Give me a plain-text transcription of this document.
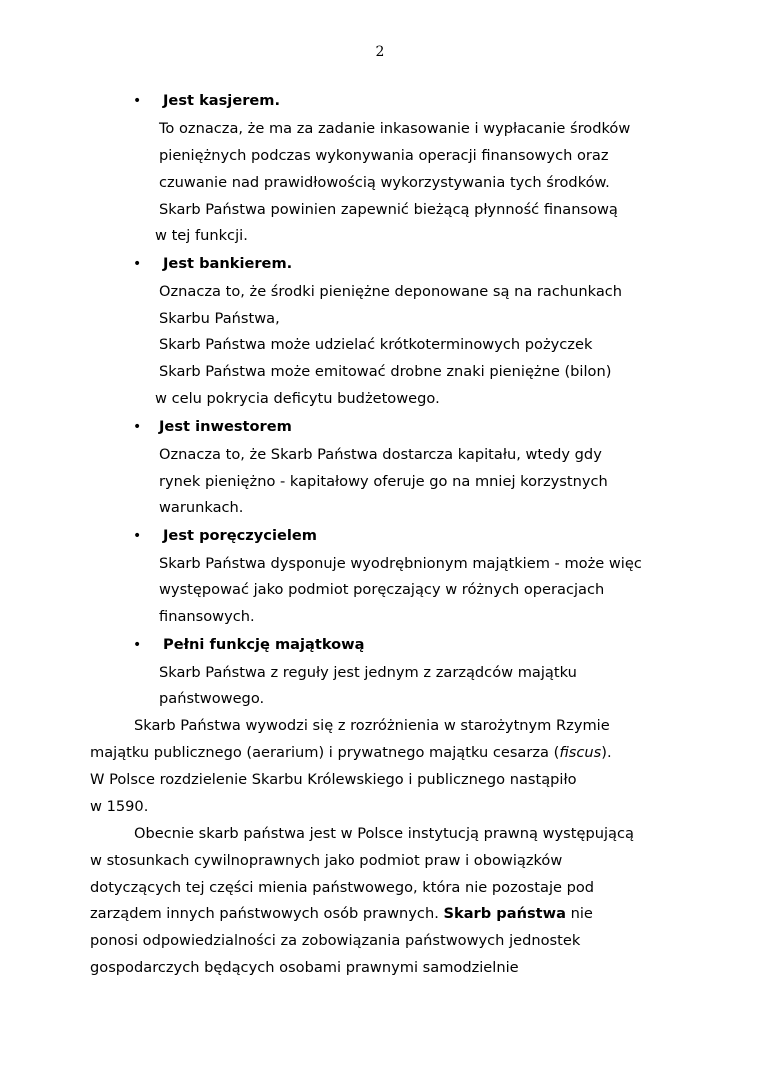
2
• Jest kasjerem.
To oznacza, że ma za zadanie inkasowanie i wypłacanie środków
pieniężnych podczas wykonywania operacji finansowych oraz
czuwanie nad prawidłowością wykorzystywania tych środków.
Skarb Państwa powinien zapewnić bieżącą płynność finansową
w tej funkcji.
• Jest bankierem.
Oznacza to, że środki pieniężne deponowane są na rachunkach
Skarbu Państwa,
Skarb Państwa może udzielać krótkoterminowych pożyczek
Skarb Państwa może emitować drobne znaki pieniężne (bilon)
w celu pokrycia deficytu budżetowego.
• Jest inwestorem
Oznacza to, że Skarb Państwa dostarcza kapitału, wtedy gdy
rynek pieniężno - kapitałowy oferuje go na mniej korzystnych
warunkach.
• Jest poręczycielem
Skarb Państwa dysponuje wyodrębnionym majątkiem - może więc
występować jako podmiot poręczający w różnych operacjach
finansowych.
• Pełni funkcję majątkową
Skarb Państwa z reguły jest jednym z zarządców majątku
państwowego.
Skarb Państwa wywodzi się z rozróżnienia w starożytnym Rzymie
majątku publicznego (aerarium) i prywatnego majątku cesarza (fiscus).
W Polsce rozdzielenie Skarbu Królewskiego i publicznego nastąpiło
w 1590.
Obecnie skarb państwa jest w Polsce instytucją prawną występującą
w stosunkach cywilnoprawnych jako podmiot praw i obowiązków
dotyczących tej części mienia państwowego, która nie pozostaje pod
zarządem innych państwowych osób prawnych. Skarb państwa nie
ponosi odpowiedzialności za zobowiązania państwowych jednostek
gospodarczych będących osobami prawnymi samodzielnie
